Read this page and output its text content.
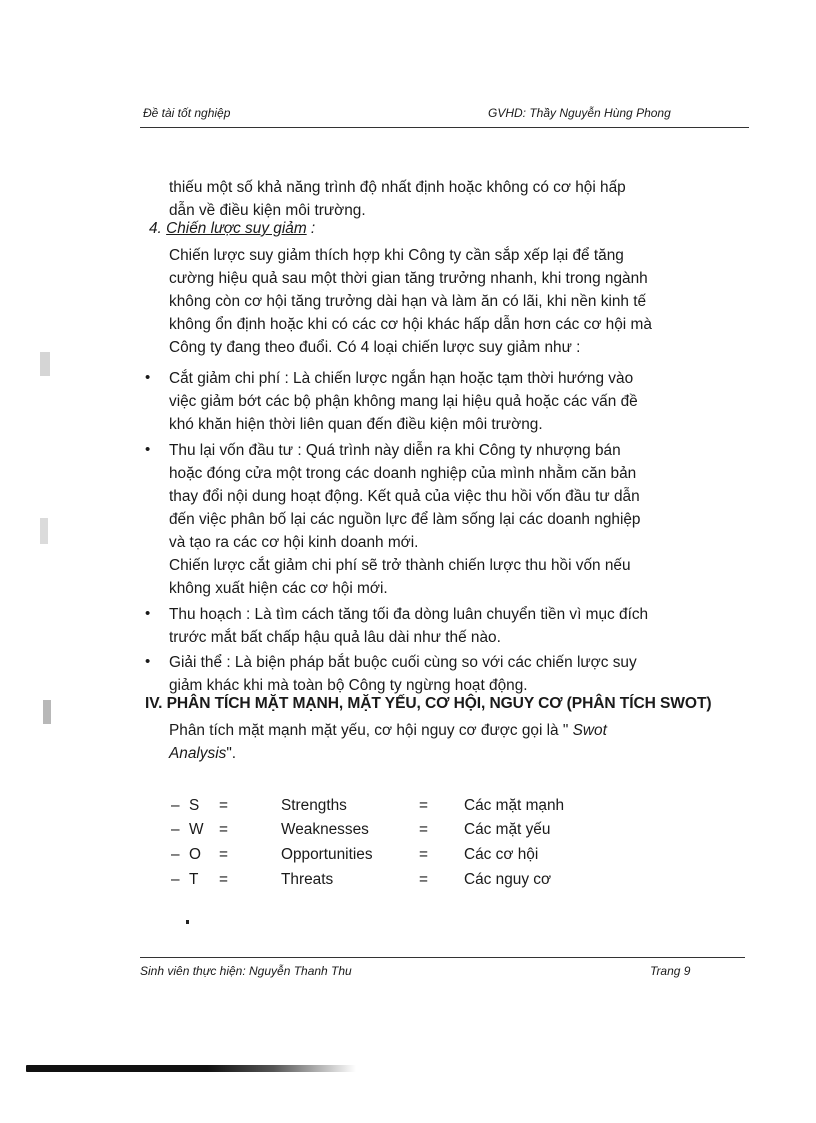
Đề tài tốt nghiệp	GVHD: Thầy Nguyễn Hùng Phong
thiếu một số khả năng trình độ nhất định hoặc không có cơ hội hấp
dẫn về điều kiện môi trường.
4. Chiến lược suy giảm :
Chiến lược suy giảm thích hợp khi Công ty cần sắp xếp lại để tăng
cường hiệu quả sau một thời gian tăng trưởng nhanh, khi trong ngành
không còn cơ hội tăng trưởng dài hạn và làm ăn có lãi, khi nền kinh tế
không ổn định hoặc khi có các cơ hội khác hấp dẫn hơn các cơ hội mà
Công ty đang theo đuổi. Có 4 loại chiến lược suy giảm như :
• Cắt giảm chi phí : Là chiến lược ngắn hạn hoặc tạm thời hướng vào
việc giảm bớt các bộ phận không mang lại hiệu quả hoặc các vấn đề
khó khăn hiện thời liên quan đến điều kiện môi trường.
• Thu lại vốn đầu tư : Quá trình này diễn ra khi Công ty nhượng bán
hoặc đóng cửa một trong các doanh nghiệp của mình nhằm căn bản
thay đổi nội dung hoạt động. Kết quả của việc thu hồi vốn đầu tư dẫn
đến việc phân bố lại các nguồn lực để làm sống lại các doanh nghiệp
và tạo ra các cơ hội kinh doanh mới.
Chiến lược cắt giảm chi phí sẽ trở thành chiến lược thu hồi vốn nếu
không xuất hiện các cơ hội mới.
• Thu hoạch : Là tìm cách tăng tối đa dòng luân chuyển tiền vì mục đích
trước mắt bất chấp hậu quả lâu dài như thế nào.
• Giải thể : Là biện pháp bắt buộc cuối cùng so với các chiến lược suy
giảm khác khi mà toàn bộ Công ty ngừng hoạt động.
IV. PHÂN TÍCH MẶT MẠNH, MẶT YẾU, CƠ HỘI, NGUY CƠ (PHÂN TÍCH SWOT)
Phân tích mặt mạnh mặt yếu, cơ hội nguy cơ được gọi là " Swot
Analysis".
– S =	Strengths	= Các mặt mạnh
– W =	Weaknesses	= Các mặt yếu
– O =	Opportunities	= Các cơ hội
– T =	Threats	= Các nguy cơ
Sinh viên thực hiện: Nguyễn Thanh Thu	Trang 9
